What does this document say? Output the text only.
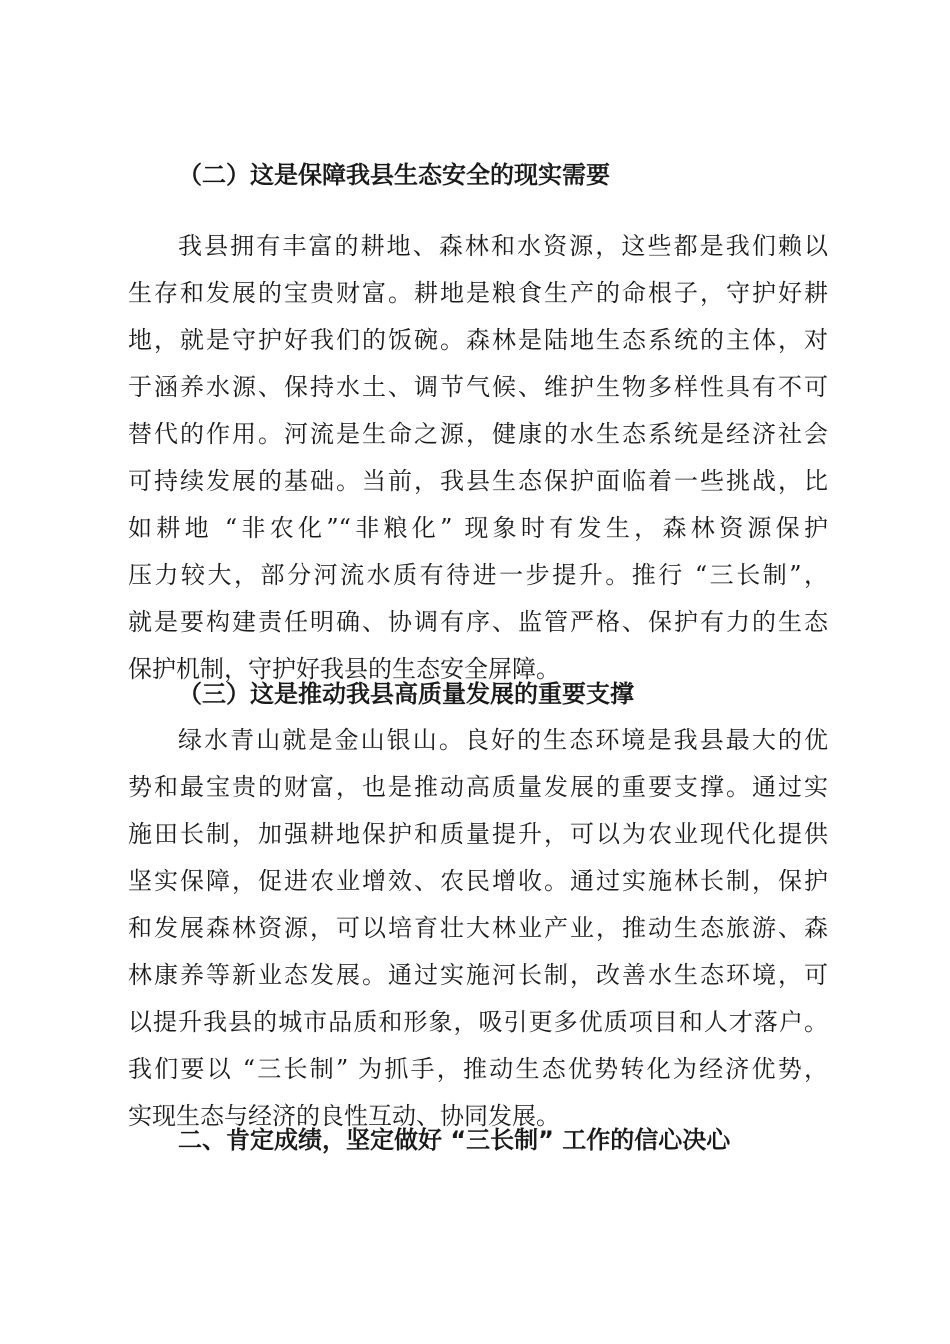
（二）这是保障我县生态安全的现实需要
我县拥有丰富的耕地、森林和水资源，这些都是我们赖以
生存和发展的宝贵财富。耕地是粮食生产的命根子，守护好耕
地，就是守护好我们的饭碗。森林是陆地生态系统的主体，对
于涵养水源、保持水土、调节气候、维护生物多样性具有不可
替代的作用。河流是生命之源，健康的水生态系统是经济社会
可持续发展的基础。当前，我县生态保护面临着一些挑战，比
如耕地 “非农化”“非粮化” 现象时有发生，森林资源保护
压力较大，部分河流水质有待进一步提升。推行 “三长制”，
就是要构建责任明确、协调有序、监管严格、保护有力的生态
保护机制，守护好我县的生态安全屏障。
（三）这是推动我县高质量发展的重要支撑
绿水青山就是金山银山。良好的生态环境是我县最大的优
势和最宝贵的财富，也是推动高质量发展的重要支撑。通过实
施田长制，加强耕地保护和质量提升，可以为农业现代化提供
坚实保障，促进农业增效、农民增收。通过实施林长制，保护
和发展森林资源，可以培育壮大林业产业，推动生态旅游、森
林康养等新业态发展。通过实施河长制，改善水生态环境，可
以提升我县的城市品质和形象，吸引更多优质项目和人才落户。
我们要以 “三长制” 为抓手，推动生态优势转化为经济优势，
实现生态与经济的良性互动、协同发展。
二、肯定成绩，坚定做好 “三长制” 工作的信心决心
